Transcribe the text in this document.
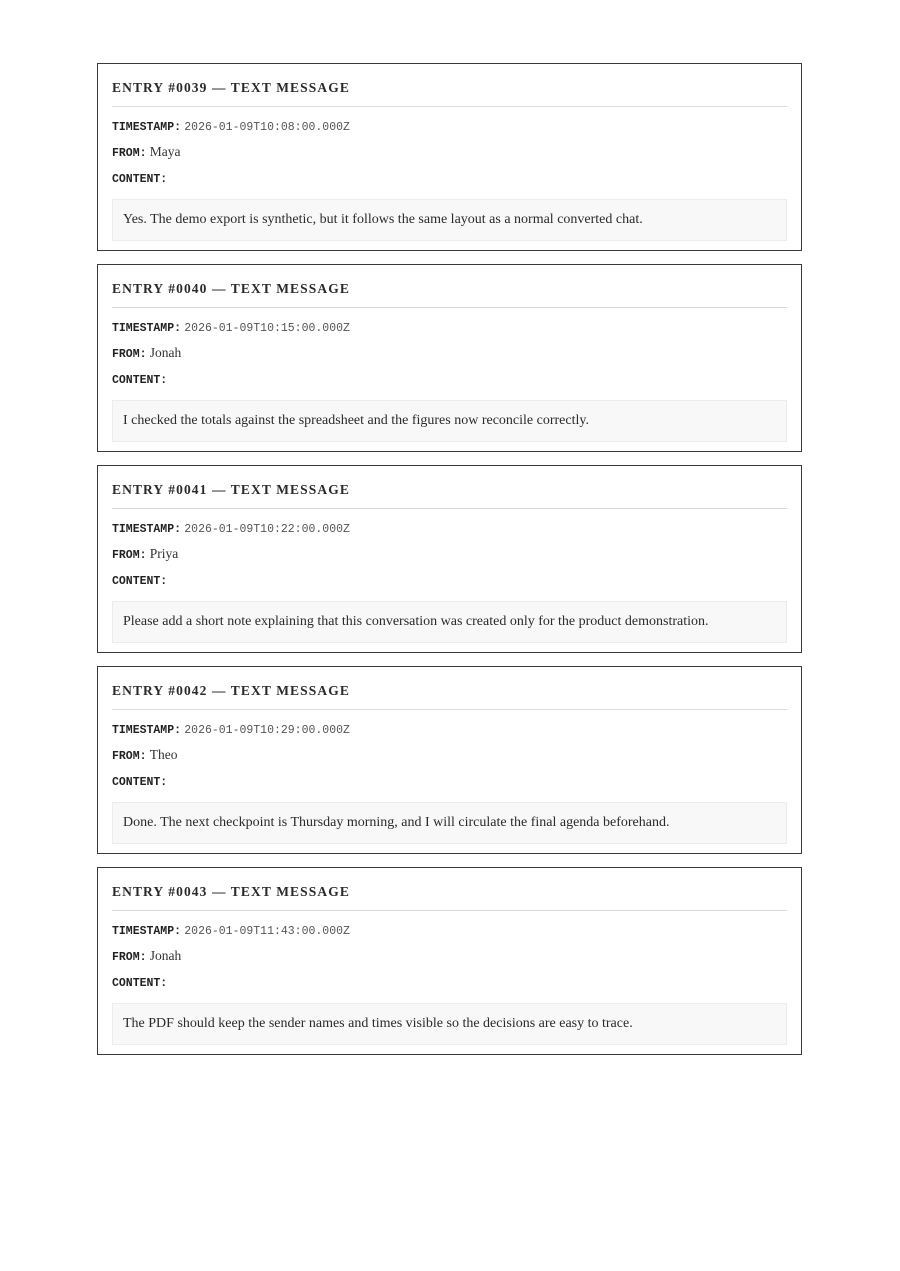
ENTRY #0039 — TEXT MESSAGE
TIMESTAMP: 2026-01-09T10:08:00.000Z
FROM: Maya
CONTENT:
Yes. The demo export is synthetic, but it follows the same layout as a normal converted chat.
ENTRY #0040 — TEXT MESSAGE
TIMESTAMP: 2026-01-09T10:15:00.000Z
FROM: Jonah
CONTENT:
I checked the totals against the spreadsheet and the figures now reconcile correctly.
ENTRY #0041 — TEXT MESSAGE
TIMESTAMP: 2026-01-09T10:22:00.000Z
FROM: Priya
CONTENT:
Please add a short note explaining that this conversation was created only for the product demonstration.
ENTRY #0042 — TEXT MESSAGE
TIMESTAMP: 2026-01-09T10:29:00.000Z
FROM: Theo
CONTENT:
Done. The next checkpoint is Thursday morning, and I will circulate the final agenda beforehand.
ENTRY #0043 — TEXT MESSAGE
TIMESTAMP: 2026-01-09T11:43:00.000Z
FROM: Jonah
CONTENT:
The PDF should keep the sender names and times visible so the decisions are easy to trace.
